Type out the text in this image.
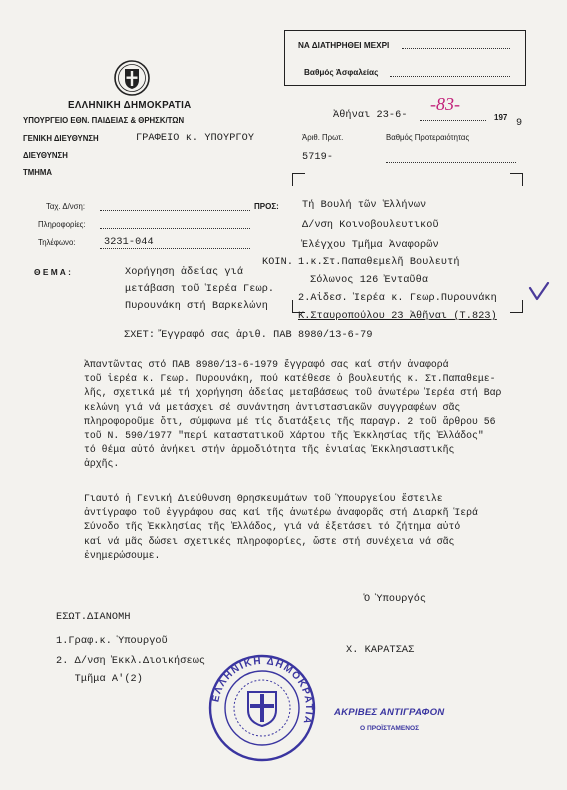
ΝΑ ΔΙΑΤΗΡΗΘΕΙ ΜΕΧΡΙ
Βαθμός Ἀσφαλείας
ΕΛΛΗΝΙΚΗ ΔΗΜΟΚΡΑΤΙΑ
ΥΠΟΥΡΓΕΙΟ ΕΘΝ. ΠΑΙΔΕΙΑΣ & ΘΡΗΣΚ/ΤΩΝ
ΓΕΝΙΚΗ ΔΙΕΥΘΥΝΣΗ	ΓΡΑΦΕΙΟ κ. ΥΠΟΥΡΓΟΥ
ΔΙΕΥΘΥΝΣΗ
ΤΜΗΜΑ
Ἀθήναι 23-6-
-83-
197
9
Ἀριθ. Πρωτ.	Βαθμός Προτεραιότητας
5719-
Ταχ. Δ/νση:
Πληροφορίες:
Τηλέφωνο:	3231-044
ΠΡΟΣ: Τή Βουλή τῶν Ἑλλήνων
Δ/νση Κοινοβουλευτικοῦ
Ἐλέγχου Τμῆμα Ἀναφορῶν
ΚΟΙΝ. 1.κ.Στ.Παπαθεμελῆ Βουλευτή
Σόλωνος 126 Ἐνταῦθα
2.Αἰδεσ. Ἱερέα κ. Γεωρ.Πυρουνάκη
Κ.Σταυροπούλου 23 Ἀθῆναι (Τ.823)
Θ Ε Μ Α :	Χορήγηση ἀδείας γιά
μετάβαση τοῦ Ἱερέα Γεωρ.
Πυρουνάκη στή Βαρκελώνη
ΣΧΕΤ: Ἔγγραφό σας ἀριθ. ΠΑΒ 8980/13-6-79
Ἀπαντῶντας στό ΠΑΒ 8980/13-6-1979 ἔγγραφό σας καί στήν ἀναφορά
τοῦ ἱερέα κ. Γεωρ. Πυρουνάκη, πού κατέθεσε ὁ βουλευτής κ. Στ.Παπαθεμε-
λῆς, σχετικά μέ τή χορήγηση ἀδείας μεταβάσεως τοῦ ἀνωτέρω Ἱερέα στή Βαρ
κελώνη γιά νά μετάσχει σέ συνάντηση ἀντιστασιακῶν συγγραφέων σᾶς
πληροφοροῦμε ὅτι, σύμφωνα μέ τίς διατάξεις τῆς παραγρ. 2 τοῦ ἄρθρου 56
τοῦ Ν. 590/1977 "περί καταστατικοῦ Χάρτου τῆς Ἐκκλησίας τῆς Ἑλλάδος"
τό θέμα αὐτό ἀνήκει στήν ἁρμοδιότητα τῆς ἑνιαίας Ἐκκλησιαστικῆς
ἀρχῆς.
Γιαυτό ἡ Γενική Διεύθυνση Θρησκευμάτων τοῦ Ὑπουργείου ἔστειλε
ἀντίγραφο τοῦ ἐγγράφου σας καί τῆς ἀνωτέρω ἀναφορᾶς στή Διαρκῆ Ἱερά
Σύνοδο τῆς Ἐκκλησίας τῆς Ἑλλάδος, γιά νά ἐξετάσει τό ζήτημα αὐτό
καί νά μᾶς δώσει σχετικές πληροφορίες, ὥστε στή συνέχεια νά σᾶς
ἐνημερώσουμε.
Ὁ Ὑπουργός
ΕΣΩΤ.ΔΙΑΝΟΜΗ
1.Γραφ.κ. Ὑπουργοῦ
2. Δ/νση Ἐκκλ.Διοικήσεως
Τμῆμα Α'(2)
Χ. ΚΑΡΑΤΣΑΣ
ΕΛΛΗΝΙΚΗ ΔΗΜΟΚΡΑΤΙΑ
ΑΚΡΙΒΕΣ ΑΝΤΙΓΡΑΦΟΝ
Ο ΠΡΟΪΣΤΑΜΕΝΟΣ
